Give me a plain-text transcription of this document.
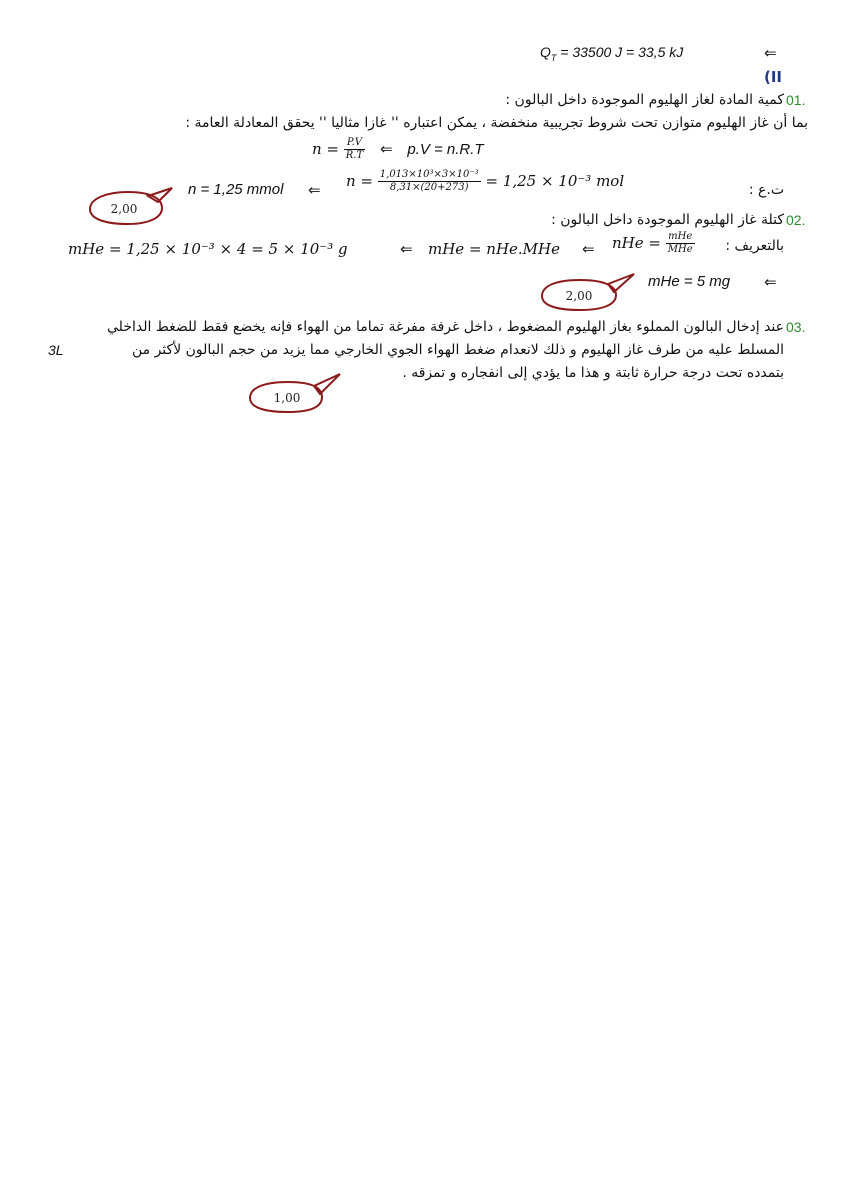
$Q_T = 33500$ J = 33,5 kJ	⇐
(II
01.
كمية المادة لغاز الهليوم الموجودة داخل البالون :
بما أن غاز الهليوم متوازن تحت شروط تجريبية منخفضة ، يمكن اعتباره '' غازا مثاليا '' يحقق المعادلة العامة :
$n = \frac{P.V}{R.T}$ ⇐ p.V = n.R.T
n = 1,25 mmol ⇐ $n = \frac{\text{1,013×10³×3×10⁻³}}{8,31\times(20+273)} = 1,25 \times 10^{-3}$ mol	ت.ع :
2,00
02.
كتلة غاز الهليوم الموجودة داخل البالون :
بالتعريف :
mHe = 1,25 × 10⁻³ × 4 = 5 × 10⁻³ g	⇐ mHe = nHe.MHe ⇐ nHe = $\frac{\text{mHe}}{\text{MHe}}$
mHe = 5 mg ⇐
2,00
03.
عند إدخال البالون المملوء بغاز الهليوم المضغوط ، داخل غرفة مفرغة تماما من الهواء فإنه يخضع فقط للضغط الداخلي
المسلط عليه من طرف غاز الهليوم و ذلك لانعدام ضغط الهواء الجوي الخارجي مما يزيد من حجم البالون لأكثر من
3L
بتمدده تحت درجة حرارة ثابتة و هذا ما يؤدي إلى انفجاره و تمزقه .
1,00
